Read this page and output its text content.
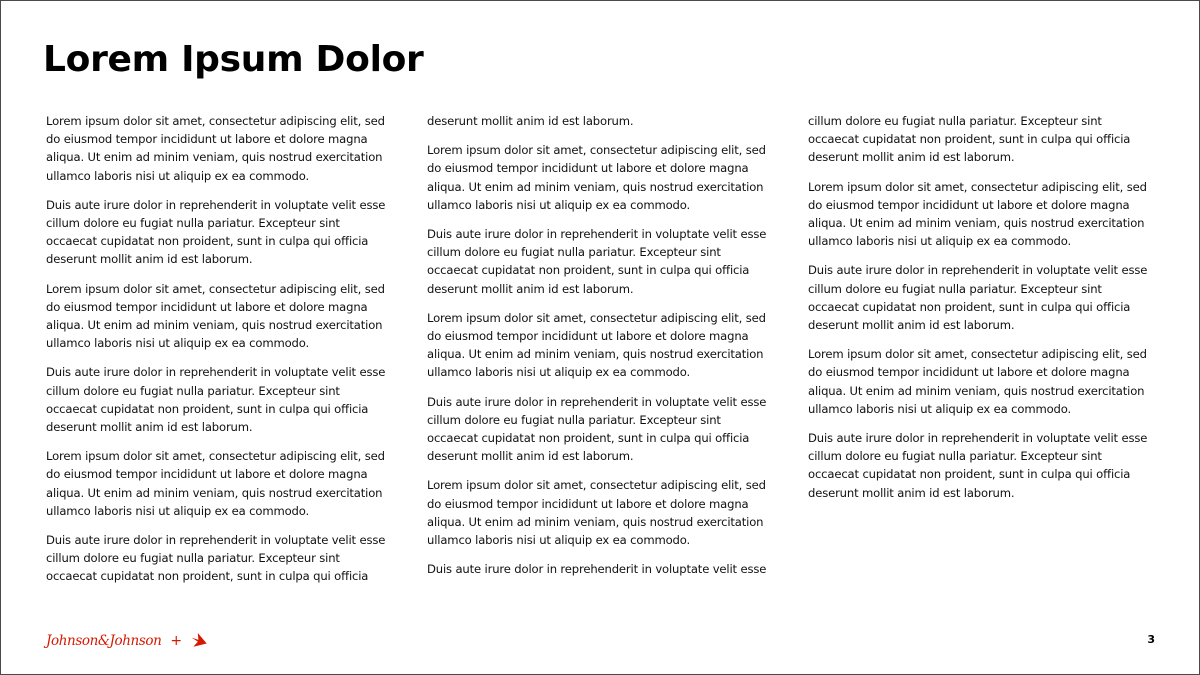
Lorem Ipsum Dolor

Lorem ipsum dolor sit amet, consectetur adipiscing elit, sed
do eiusmod tempor incididunt ut labore et dolore magna
aliqua. Ut enim ad minim veniam, quis nostrud exercitation
ullamco laboris nisi ut aliquip ex ea commodo.

Duis aute irure dolor in reprehenderit in voluptate velit esse
cillum dolore eu fugiat nulla pariatur. Excepteur sint
occaecat cupidatat non proident, sunt in culpa qui officia
deserunt mollit anim id est laborum.

Lorem ipsum dolor sit amet, consectetur adipiscing elit, sed
do eiusmod tempor incididunt ut labore et dolore magna
aliqua. Ut enim ad minim veniam, quis nostrud exercitation
ullamco laboris nisi ut aliquip ex ea commodo.

Duis aute irure dolor in reprehenderit in voluptate velit esse
cillum dolore eu fugiat nulla pariatur. Excepteur sint
occaecat cupidatat non proident, sunt in culpa qui officia
deserunt mollit anim id est laborum.

Lorem ipsum dolor sit amet, consectetur adipiscing elit, sed
do eiusmod tempor incididunt ut labore et dolore magna
aliqua. Ut enim ad minim veniam, quis nostrud exercitation
ullamco laboris nisi ut aliquip ex ea commodo.

Duis aute irure dolor in reprehenderit in voluptate velit esse
cillum dolore eu fugiat nulla pariatur. Excepteur sint
occaecat cupidatat non proident, sunt in culpa qui officia

deserunt mollit anim id est laborum.

Lorem ipsum dolor sit amet, consectetur adipiscing elit, sed
do eiusmod tempor incididunt ut labore et dolore magna
aliqua. Ut enim ad minim veniam, quis nostrud exercitation
ullamco laboris nisi ut aliquip ex ea commodo.

Duis aute irure dolor in reprehenderit in voluptate velit esse
cillum dolore eu fugiat nulla pariatur. Excepteur sint
occaecat cupidatat non proident, sunt in culpa qui officia
deserunt mollit anim id est laborum.

Lorem ipsum dolor sit amet, consectetur adipiscing elit, sed
do eiusmod tempor incididunt ut labore et dolore magna
aliqua. Ut enim ad minim veniam, quis nostrud exercitation
ullamco laboris nisi ut aliquip ex ea commodo.

Duis aute irure dolor in reprehenderit in voluptate velit esse
cillum dolore eu fugiat nulla pariatur. Excepteur sint
occaecat cupidatat non proident, sunt in culpa qui officia
deserunt mollit anim id est laborum.

Lorem ipsum dolor sit amet, consectetur adipiscing elit, sed
do eiusmod tempor incididunt ut labore et dolore magna
aliqua. Ut enim ad minim veniam, quis nostrud exercitation
ullamco laboris nisi ut aliquip ex ea commodo.

Duis aute irure dolor in reprehenderit in voluptate velit esse

cillum dolore eu fugiat nulla pariatur. Excepteur sint
occaecat cupidatat non proident, sunt in culpa qui officia
deserunt mollit anim id est laborum.

Lorem ipsum dolor sit amet, consectetur adipiscing elit, sed
do eiusmod tempor incididunt ut labore et dolore magna
aliqua. Ut enim ad minim veniam, quis nostrud exercitation
ullamco laboris nisi ut aliquip ex ea commodo.

Duis aute irure dolor in reprehenderit in voluptate velit esse
cillum dolore eu fugiat nulla pariatur. Excepteur sint
occaecat cupidatat non proident, sunt in culpa qui officia
deserunt mollit anim id est laborum.

Lorem ipsum dolor sit amet, consectetur adipiscing elit, sed
do eiusmod tempor incididunt ut labore et dolore magna
aliqua. Ut enim ad minim veniam, quis nostrud exercitation
ullamco laboris nisi ut aliquip ex ea commodo.

Duis aute irure dolor in reprehenderit in voluptate velit esse
cillum dolore eu fugiat nulla pariatur. Excepteur sint
occaecat cupidatat non proident, sunt in culpa qui officia
deserunt mollit anim id est laborum.

Johnson&Johnson +	3
